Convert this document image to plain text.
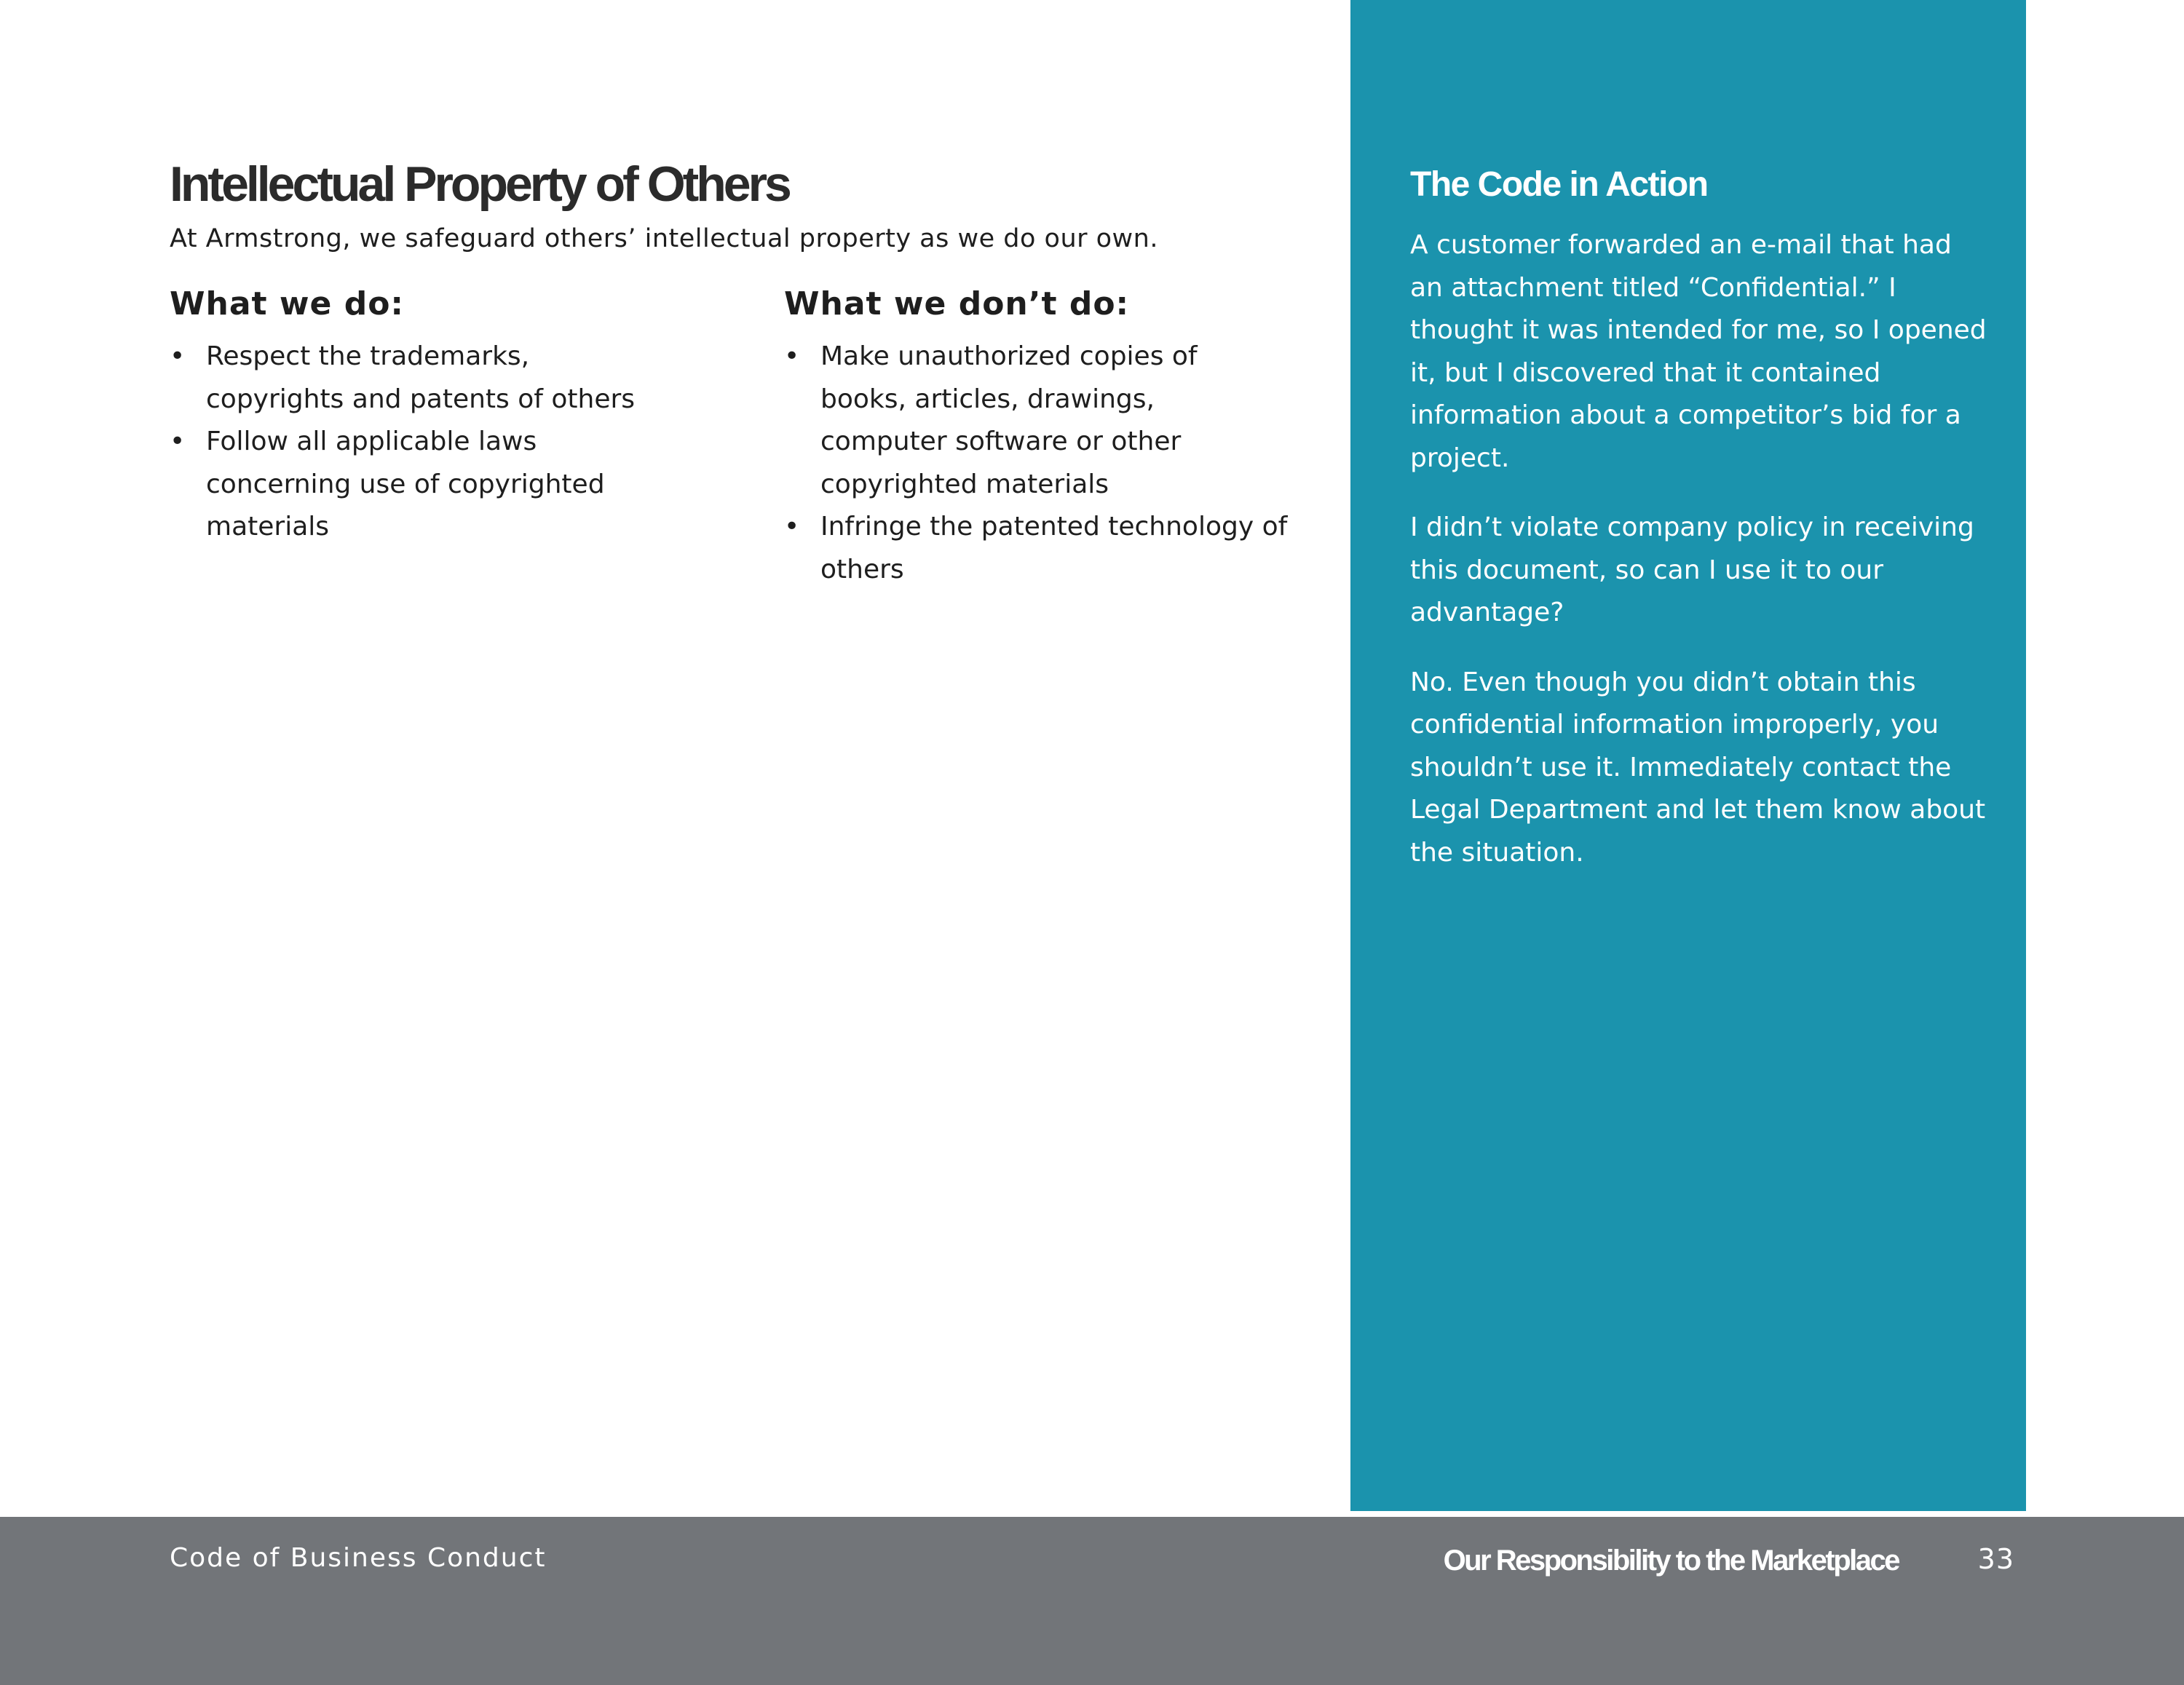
Intellectual Property of Others

At Armstrong, we safeguard others’ intellectual property as we do our own.

What we do:
• Respect the trademarks, copyrights and patents of others
• Follow all applicable laws concerning use of copyrighted materials
What we don’t do:
• Make unauthorized copies of books, articles, drawings, computer software or other copyrighted materials
• Infringe the patented technology of others
The Code in Action

A customer forwarded an e-mail that had an attachment titled “Confidential.” I thought it was intended for me, so I opened it, but I discovered that it contained information about a competitor’s bid for a project.

I didn’t violate company policy in receiving this document, so can I use it to our advantage?

No. Even though you didn’t obtain this confidential information improperly, you shouldn’t use it. Immediately contact the Legal Department and let them know about the situation.

Code of Business Conduct	Our Responsibility to the Marketplace	33
